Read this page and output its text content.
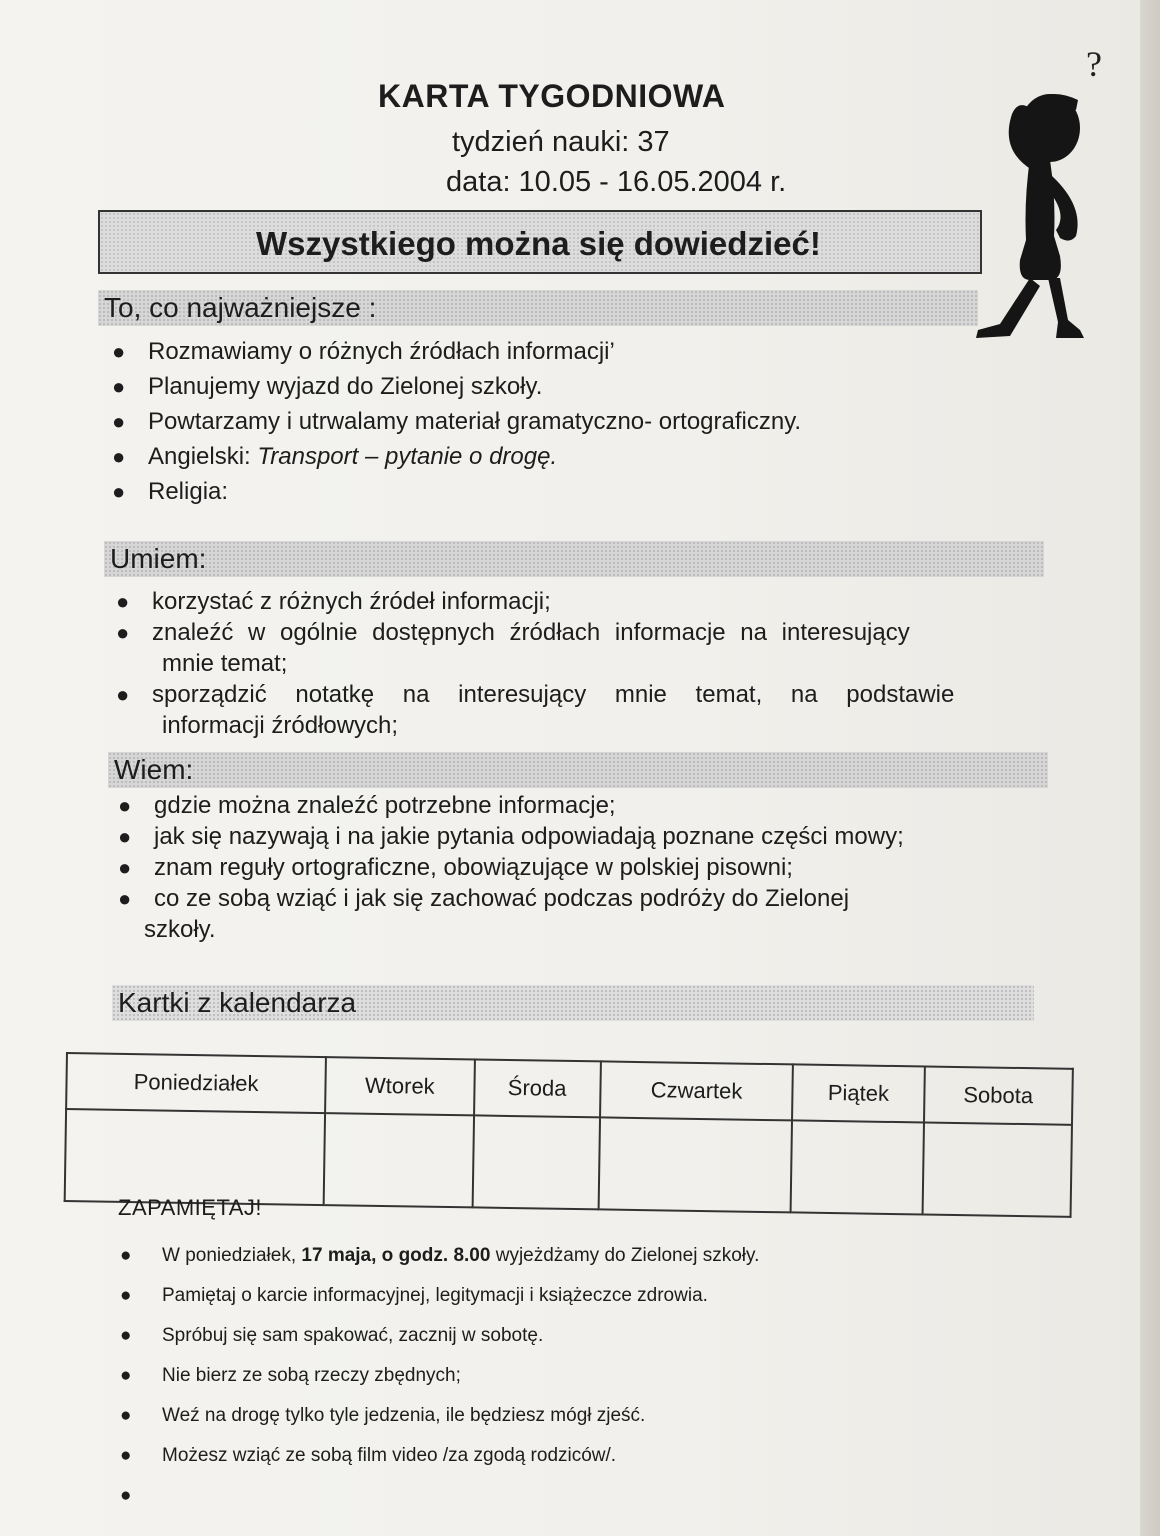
KARTA TYGODNIOWA
tydzień nauki: 37
data: 10.05 - 16.05.2004 r.
Wszystkiego można się dowiedzieć!
?
To, co najważniejsze :
● Rozmawiamy o różnych źródłach informacji’
● Planujemy wyjazd do Zielonej szkoły.
● Powtarzamy i utrwalamy materiał gramatyczno- ortograficzny.
● Angielski: Transport – pytanie o drogę.
● Religia:
Umiem:
● korzystać z różnych źródeł informacji;
● znaleźć w ogólnie dostępnych źródłach informacje na interesujący
mnie temat;
● sporządzić notatkę na interesujący mnie temat, na podstawie
informacji źródłowych;
Wiem:
● gdzie można znaleźć potrzebne informacje;
● jak się nazywają i na jakie pytania odpowiadają poznane części mowy;
● znam reguły ortograficzne, obowiązujące w polskiej pisowni;
● co ze sobą wziąć i jak się zachować podczas podróży do Zielonej
szkoły.
Kartki z kalendarza
Poniedziałek	Wtorek	Środa	Czwartek	Piątek	Sobota

ZAPAMIĘTAJ!
● W poniedziałek, 17 maja, o godz. 8.00 wyjeżdżamy do Zielonej szkoły.
● Pamiętaj o karcie informacyjnej, legitymacji i książeczce zdrowia.
● Spróbuj się sam spakować, zacznij w sobotę.
● Nie bierz ze sobą rzeczy zbędnych;
● Weź na drogę tylko tyle jedzenia, ile będziesz mógł zjeść.
● Możesz wziąć ze sobą film video /za zgodą rodziców/.
●
